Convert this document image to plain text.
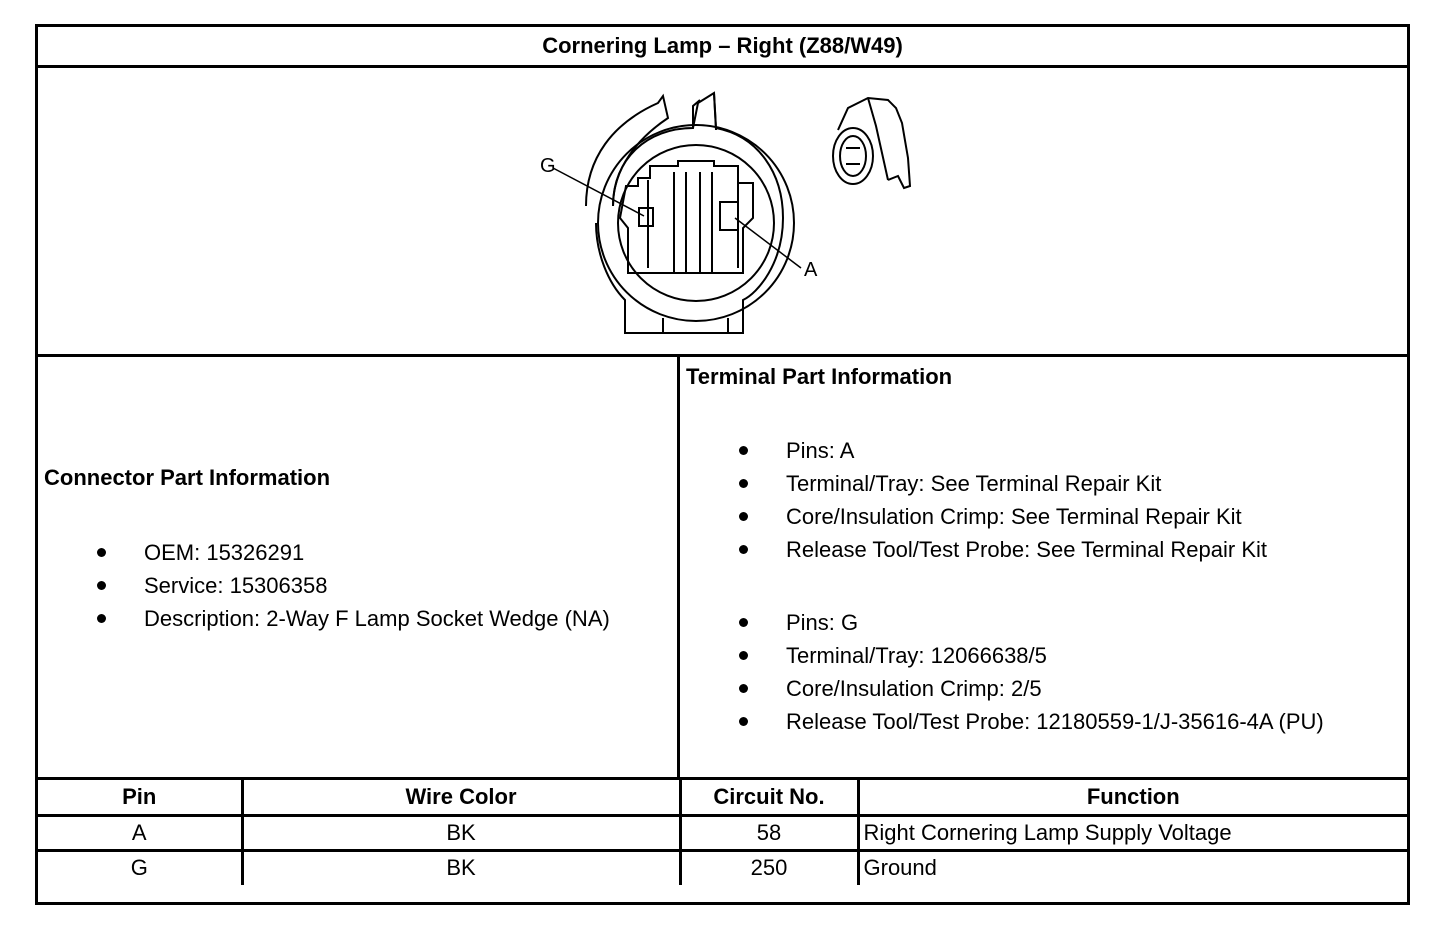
Cornering Lamp – Right (Z88/W49)
G
A
Connector Part Information
OEM: 15326291
Service: 15306358
Description: 2-Way F Lamp Socket Wedge (NA)
Terminal Part Information
Pins: A
Terminal/Tray: See Terminal Repair Kit
Core/Insulation Crimp: See Terminal Repair Kit
Release Tool/Test Probe: See Terminal Repair Kit
Pins: G
Terminal/Tray: 12066638/5
Core/Insulation Crimp: 2/5
Release Tool/Test Probe: 12180559-1/J-35616-4A (PU)
Pin	Wire Color	Circuit No.	Function
A	BK	58	Right Cornering Lamp Supply Voltage
G	BK	250	Ground
